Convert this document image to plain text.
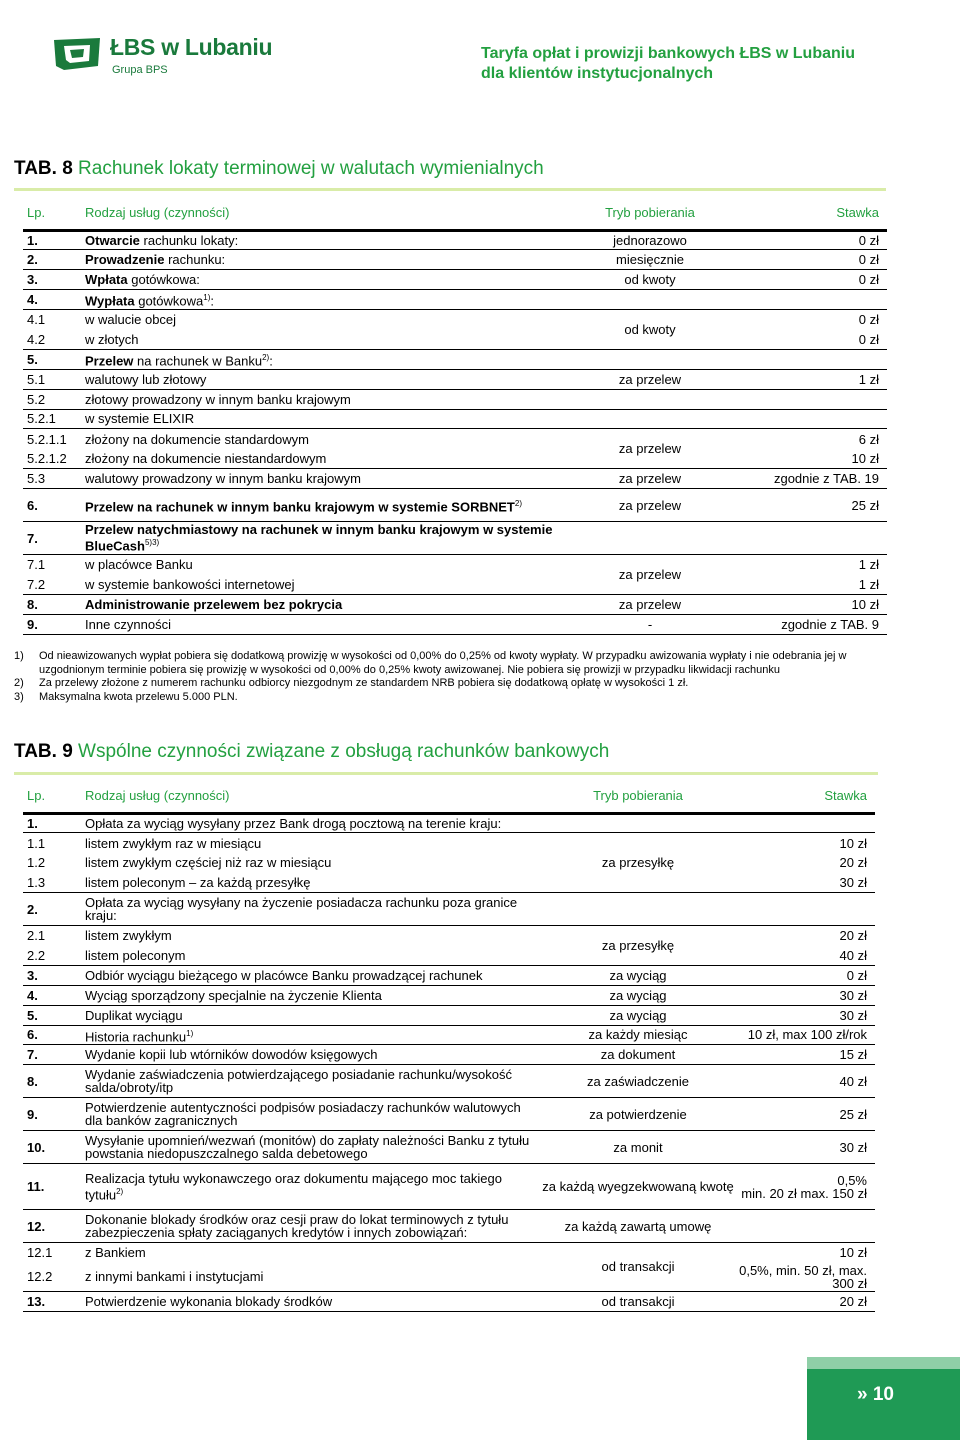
ŁBS w Lubaniu
Grupa BPS
Taryfa opłat i prowizji bankowych ŁBS w Lubaniu
dla klientów instytucjonalnych
TAB. 8 Rachunek lokaty terminowej w walutach wymienialnych
Lp.	Rodzaj usług (czynności)	Tryb pobierania	Stawka
1.	Otwarcie rachunku lokaty:	jednorazowo	0 zł
2.	Prowadzenie rachunku:	miesięcznie	0 zł
3.	Wpłata gotówkowa:	od kwoty	0 zł
4.	Wypłata gotówkowa$^{1)}$:		
4.1	w walucie obcej	od kwoty	0 zł
4.2	w złotych		0 zł
5.	Przelew na rachunek w Banku$^{2)}$:		
5.1	walutowy lub złotowy	za przelew	1 zł
5.2	złotowy prowadzony w innym banku krajowym		
5.2.1	w systemie ELIXIR		
5.2.1.1	złożony na dokumencie standardowym	za przelew	6 zł
5.2.1.2	złożony na dokumencie niestandardowym		10 zł
5.3	walutowy prowadzony w innym banku krajowym	za przelew	zgodnie z TAB. 19
6.	Przelew na rachunek w innym banku krajowym w systemie SORBNET$^{2)}$	za przelew	25 zł
7.	Przelew natychmiastowy na rachunek w innym banku krajowym w systemie BlueCash$^{5)3)}$		
7.1	w placówce Banku	za przelew	1 zł
7.2	w systemie bankowości internetowej		1 zł
8.	Administrowanie przelewem bez pokrycia	za przelew	10 zł
9.	Inne czynności	-	zgodnie z TAB. 9
1) Od nieawizowanych wypłat pobiera się dodatkową prowizję w wysokości od 0,00% do 0,25% od kwoty wypłaty. W przypadku awizowania wypłaty i nie odebrania jej w uzgodnionym terminie pobiera się prowizję w wysokości od 0,00% do 0,25% kwoty awizowanej. Nie pobiera się prowizji w przypadku likwidacji rachunku
2) Za przelewy złożone z numerem rachunku odbiorcy niezgodnym ze standardem NRB pobiera się dodatkową opłatę w wysokości 1 zł.
3) Maksymalna kwota przelewu 5.000 PLN.
TAB. 9 Wspólne czynności związane z obsługą rachunków bankowych
Lp.	Rodzaj usług (czynności)	Tryb pobierania	Stawka
1.	Opłata za wyciąg wysyłany przez Bank drogą pocztową na terenie kraju:		
1.1	listem zwykłym raz w miesiącu	za przesyłkę	10 zł
1.2	listem zwykłym częściej niż raz w miesiącu		20 zł
1.3	listem poleconym – za każdą przesyłkę		30 zł
2.	Opłata za wyciąg wysyłany na życzenie posiadacza rachunku poza granice kraju:		
2.1	listem zwykłym	za przesyłkę	20 zł
2.2	listem poleconym		40 zł
3.	Odbiór wyciągu bieżącego w placówce Banku prowadzącej rachunek	za wyciąg	0 zł
4.	Wyciąg sporządzony specjalnie na życzenie Klienta	za wyciąg	30 zł
5.	Duplikat wyciągu	za wyciąg	30 zł
6.	Historia rachunku$^{1)}$	za każdy miesiąc	10 zł, max 100 zł/rok
7.	Wydanie kopii lub wtórników dowodów księgowych	za dokument	15 zł
8.	Wydanie zaświadczenia potwierdzającego posiadanie rachunku/wysokość salda/obroty/itp	za zaświadczenie	40 zł
9.	Potwierdzenie autentyczności podpisów posiadaczy rachunków walutowych dla banków zagranicznych	za potwierdzenie	25 zł
10.	Wysyłanie upomnień/wezwań (monitów) do zapłaty należności Banku z tytułu powstania niedopuszczalnego salda debetowego	za monit	30 zł
11.	Realizacja tytułu wykonawczego oraz dokumentu mającego moc takiego tytułu$^{2)}$	za każdą wyegzekwowaną kwotę	0,5%
min. 20 zł max. 150 zł
12.	Dokonanie blokady środków oraz cesji praw do lokat terminowych z tytułu zabezpieczenia spłaty zaciąganych kredytów i innych zobowiązań:	za każdą zawartą umowę	
12.1	z Bankiem	od transakcji	10 zł
12.2	z innymi bankami i instytucjami		0,5%, min. 50 zł, max. 300 zł
13.	Potwierdzenie wykonania blokady środków	od transakcji	20 zł
» 10
